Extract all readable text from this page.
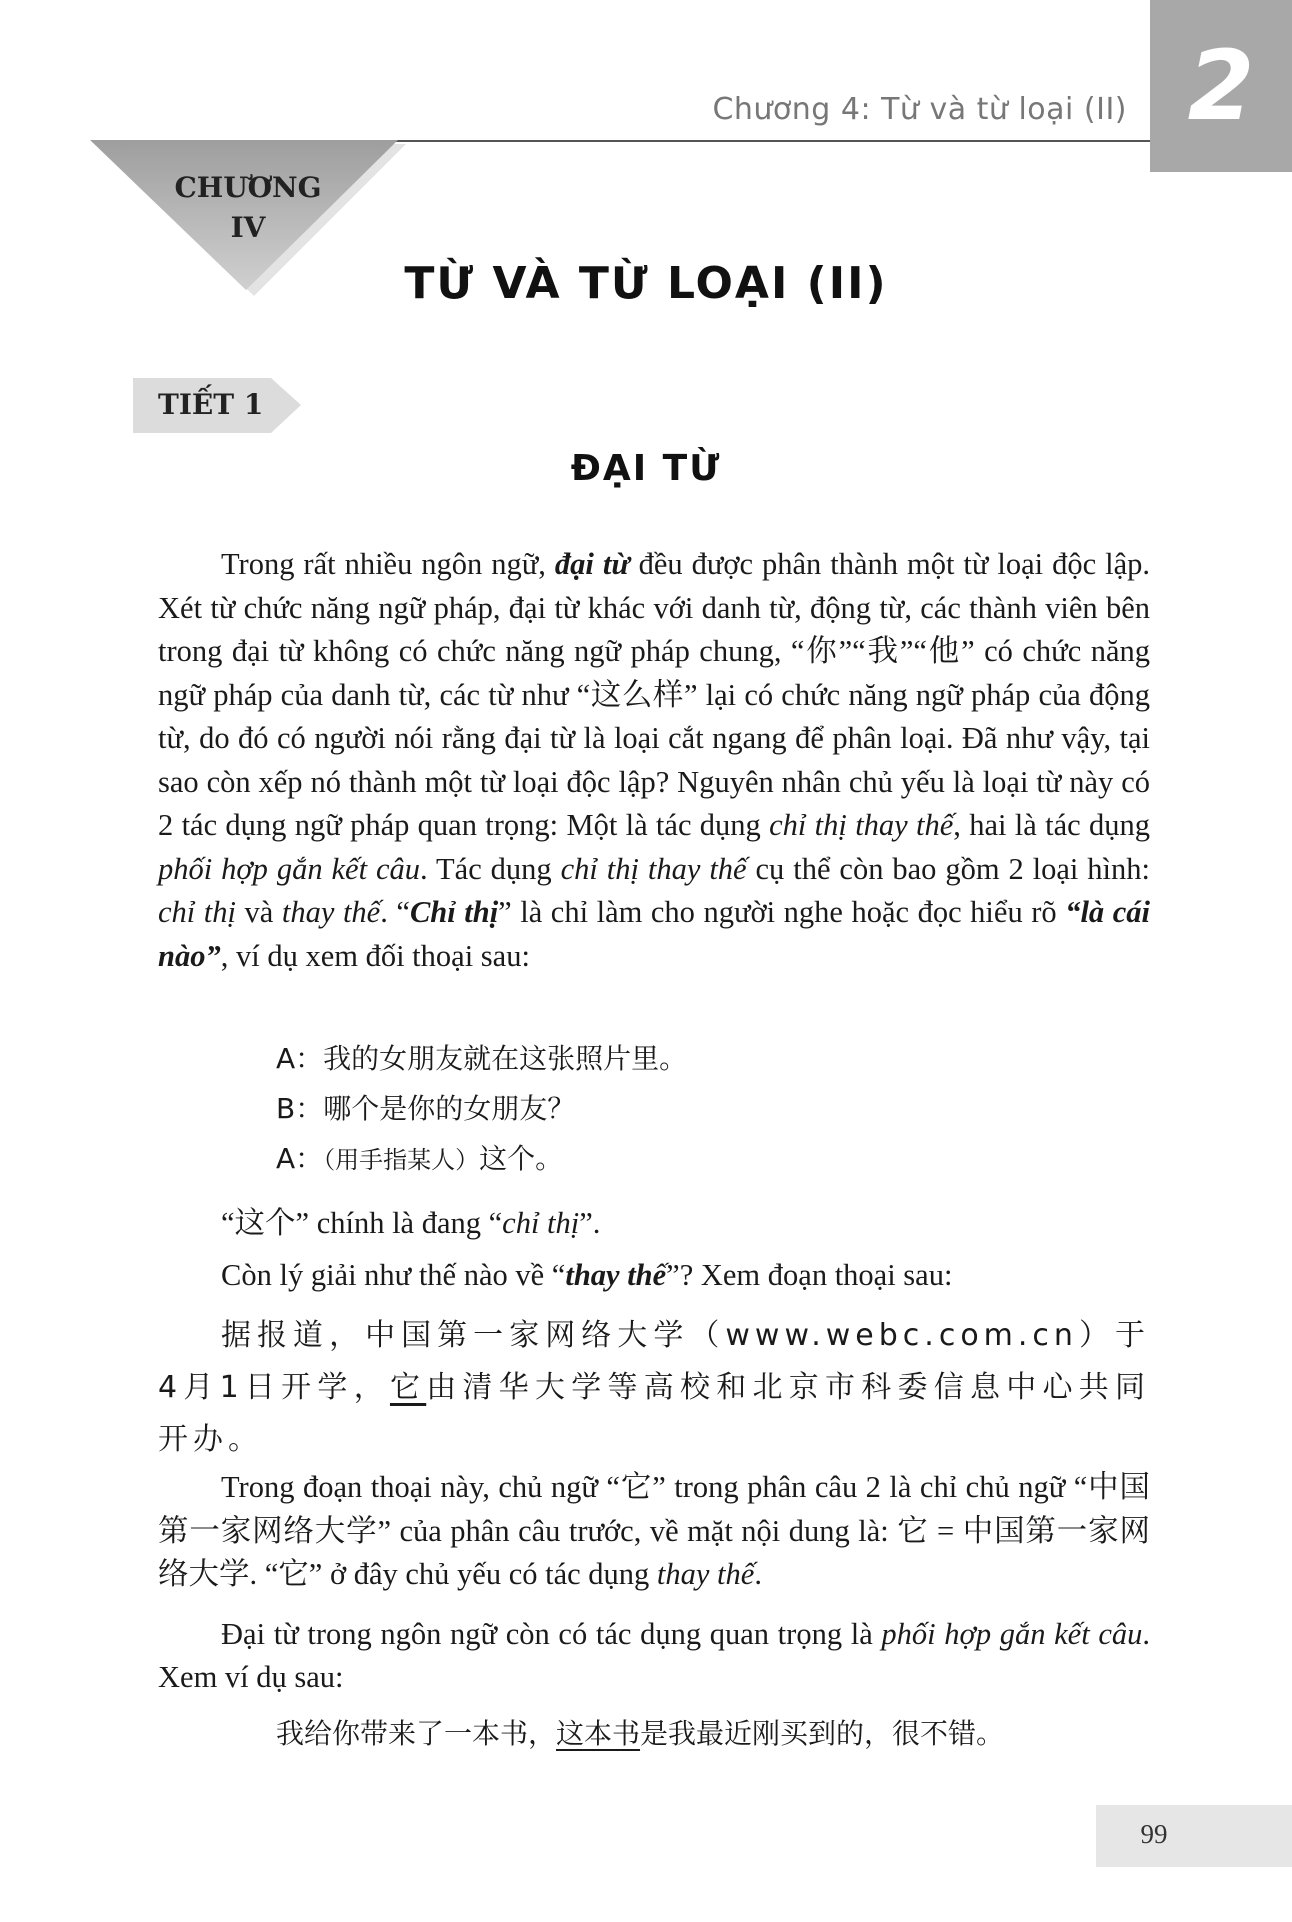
2
Chương 4: Từ và từ loại (II)
CHƯƠNG
IV
TỪ VÀ TỪ LOẠI (II)
TIẾT 1
ĐẠI TỪ

Trong rất nhiều ngôn ngữ, đại từ đều được phân thành một từ loại độc lập. Xét từ chức năng ngữ pháp, đại từ khác với danh từ, động từ, các thành viên bên trong đại từ không có chức năng ngữ pháp chung, “你”“我”“他” có chức năng ngữ pháp của danh từ, các từ như “这么样” lại có chức năng ngữ pháp của động từ, do đó có người nói rằng đại từ là loại cắt ngang để phân loại. Đã như vậy, tại sao còn xếp nó thành một từ loại độc lập? Nguyên nhân chủ yếu là loại từ này có 2 tác dụng ngữ pháp quan trọng: Một là tác dụng chỉ thị thay thế, hai là tác dụng phối hợp gắn kết câu. Tác dụng chỉ thị thay thế cụ thể còn bao gồm 2 loại hình: chỉ thị và thay thế. “Chỉ thị” là chỉ làm cho người nghe hoặc đọc hiểu rõ “là cái nào”, ví dụ xem đối thoại sau:

A：我的女朋友就在这张照片里。
B：哪个是你的女朋友？
A：（用手指某人）这个。
“这个” chính là đang “chỉ thị”.
Còn lý giải như thế nào về “thay thế”? Xem đoạn thoại sau:

据报道，中国第一家网络大学（www.webc.com.cn）于4月1日开学，它由清华大学等高校和北京市科委信息中心共同开办。

Trong đoạn thoại này, chủ ngữ “它” trong phân câu 2 là chỉ chủ ngữ “中国第一家网络大学” của phân câu trước, về mặt nội dung là: 它 = 中国第一家网络大学. “它” ở đây chủ yếu có tác dụng thay thế.

Đại từ trong ngôn ngữ còn có tác dụng quan trọng là phối hợp gắn kết câu. Xem ví dụ sau:

我给你带来了一本书，这本书是我最近刚买到的，很不错。
99
